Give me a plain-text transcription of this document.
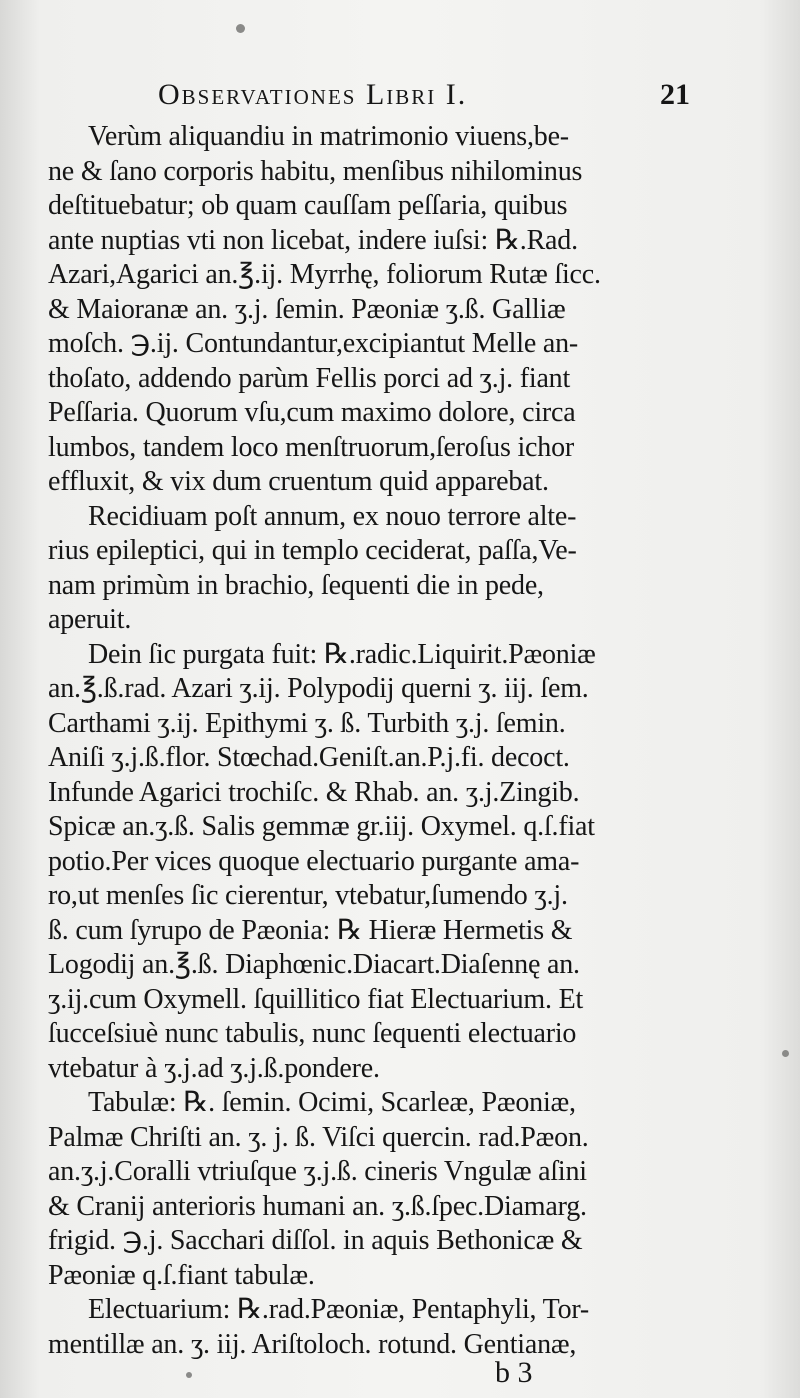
Observationes Libri I.	21
Verùm aliquandiu in matrimonio viuens,be-
ne & ſano corporis habitu, menſibus nihilominus
deſtituebatur; ob quam cauſſam peſſaria, quibus
ante nuptias vti non licebat, indere iuſsi: ℞.Rad.
Azari,Agarici an.℥.ij. Myrrhę, foliorum Rutæ ſicc.
& Maioranæ an. ʒ.j. ſemin. Pæoniæ ʒ.ß. Galliæ
moſch. ℈.ij. Contundantur,excipiantut Melle an-
thoſato, addendo parùm Fellis porci ad ʒ.j. fiant
Peſſaria. Quorum vſu,cum maximo dolore, circa
lumbos, tandem loco menſtruorum,ſeroſus ichor
effluxit, & vix dum cruentum quid apparebat.
Recidiuam poſt annum, ex nouo terrore alte-
rius epileptici, qui in templo ceciderat, paſſa,Ve-
nam primùm in brachio, ſequenti die in pede,
aperuit.
Dein ſic purgata fuit: ℞.radic.Liquirit.Pæoniæ
an.℥.ß.rad. Azari ʒ.ij. Polypodij querni ʒ. iij. ſem.
Carthami ʒ.ij. Epithymi ʒ. ß. Turbith ʒ.j. ſemin.
Aniſi ʒ.j.ß.flor. Stœchad.Geniſt.an.P.j.fi. decoct.
Infunde Agarici trochiſc. & Rhab. an. ʒ.j.Zingib.
Spicæ an.ʒ.ß. Salis gemmæ gr.iij. Oxymel. q.ſ.fiat
potio.Per vices quoque electuario purgante ama-
ro,ut menſes ſic cierentur, vtebatur,ſumendo ʒ.j.
ß. cum ſyrupo de Pæonia: ℞ Hieræ Hermetis &
Logodij an.℥.ß. Diaphœnic.Diacart.Diaſennę an.
ʒ.ij.cum Oxymell. ſquillitico fiat Electuarium. Et
ſucceſsiuè nunc tabulis, nunc ſequenti electuario
vtebatur à ʒ.j.ad ʒ.j.ß.pondere.
Tabulæ: ℞. ſemin. Ocimi, Scarleæ, Pæoniæ,
Palmæ Chriſti an. ʒ. j. ß. Viſci quercin. rad.Pæon.
an.ʒ.j.Coralli vtriuſque ʒ.j.ß. cineris Vngulæ aſini
& Cranij anterioris humani an. ʒ.ß.ſpec.Diamarg.
frigid. ℈.j. Sacchari diſſol. in aquis Bethonicæ &
Pæoniæ q.ſ.fiant tabulæ.
Electuarium: ℞.rad.Pæoniæ, Pentaphyli, Tor-
mentillæ an. ʒ. iij. Ariſtoloch. rotund. Gentianæ,
b 3
